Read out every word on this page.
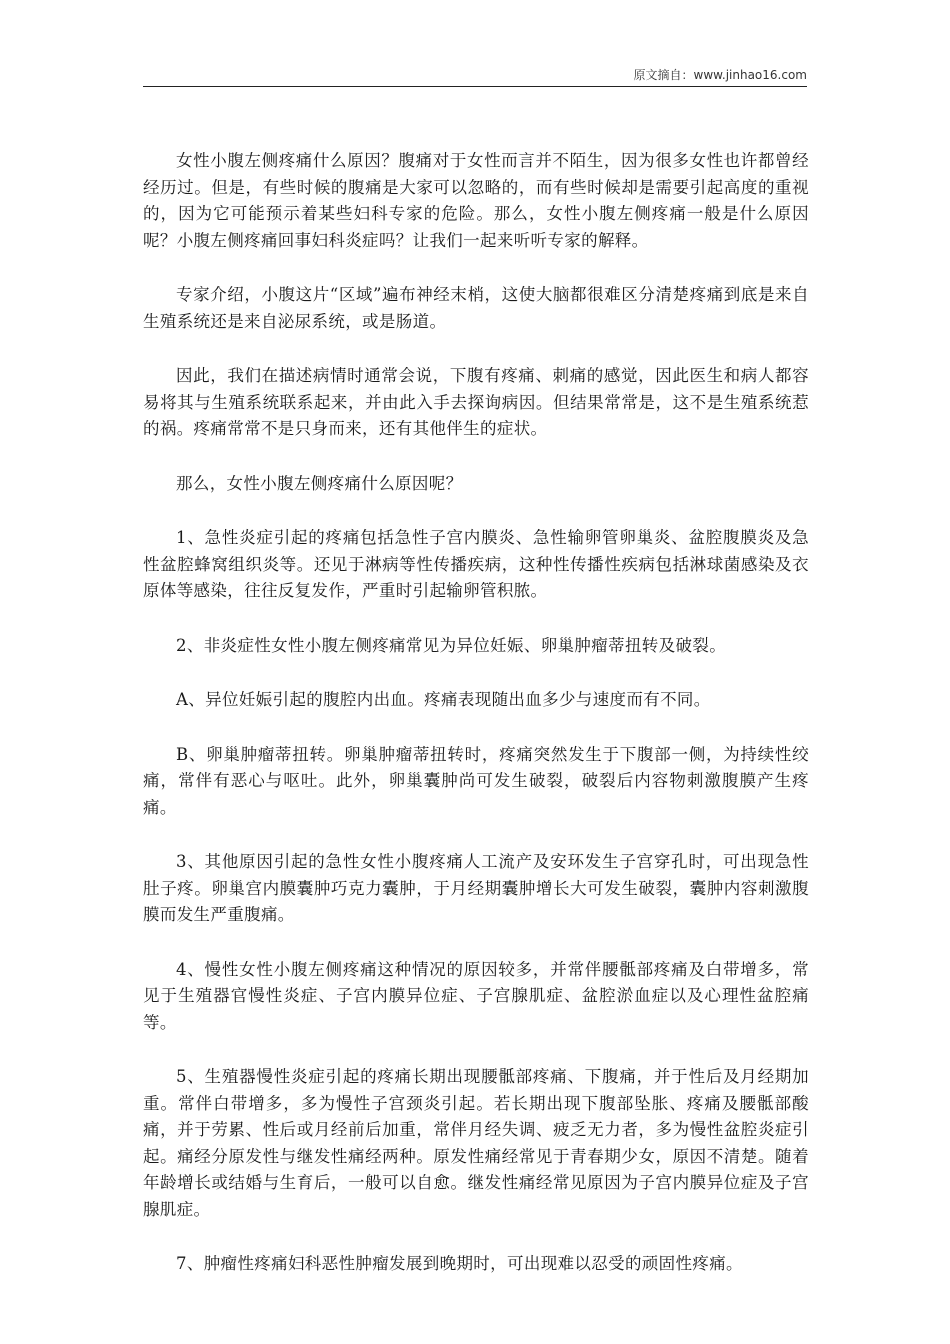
原文摘自：www.jinhao16.com

女性小腹左侧疼痛什么原因？腹痛对于女性而言并不陌生，因为很多女性也许都曾经经历过。但是，有些时候的腹痛是大家可以忽略的，而有些时候却是需要引起高度的重视的，因为它可能预示着某些妇科专家的危险。那么，女性小腹左侧疼痛一般是什么原因呢？小腹左侧疼痛回事妇科炎症吗？让我们一起来听听专家的解释。

专家介绍，小腹这片“区域”遍布神经末梢，这使大脑都很难区分清楚疼痛到底是来自生殖系统还是来自泌尿系统，或是肠道。

因此，我们在描述病情时通常会说，下腹有疼痛、刺痛的感觉，因此医生和病人都容易将其与生殖系统联系起来，并由此入手去探询病因。但结果常常是，这不是生殖系统惹的祸。疼痛常常不是只身而来，还有其他伴生的症状。

那么，女性小腹左侧疼痛什么原因呢？

1、急性炎症引起的疼痛包括急性子宫内膜炎、急性输卵管卵巢炎、盆腔腹膜炎及急性盆腔蜂窝组织炎等。还见于淋病等性传播疾病，这种性传播性疾病包括淋球菌感染及衣原体等感染，往往反复发作，严重时引起输卵管积脓。

2、非炎症性女性小腹左侧疼痛常见为异位妊娠、卵巢肿瘤蒂扭转及破裂。

A、异位妊娠引起的腹腔内出血。疼痛表现随出血多少与速度而有不同。

B、卵巢肿瘤蒂扭转。卵巢肿瘤蒂扭转时，疼痛突然发生于下腹部一侧，为持续性绞痛，常伴有恶心与呕吐。此外，卵巢囊肿尚可发生破裂，破裂后内容物刺激腹膜产生疼痛。

3、其他原因引起的急性女性小腹疼痛人工流产及安环发生子宫穿孔时，可出现急性肚子疼。卵巢宫内膜囊肿巧克力囊肿，于月经期囊肿增长大可发生破裂，囊肿内容刺激腹膜而发生严重腹痛。

4、慢性女性小腹左侧疼痛这种情况的原因较多，并常伴腰骶部疼痛及白带增多，常见于生殖器官慢性炎症、子宫内膜异位症、子宫腺肌症、盆腔淤血症以及心理性盆腔痛等。

5、生殖器慢性炎症引起的疼痛长期出现腰骶部疼痛、下腹痛，并于性后及月经期加重。常伴白带增多，多为慢性子宫颈炎引起。若长期出现下腹部坠胀、疼痛及腰骶部酸痛，并于劳累、性后或月经前后加重，常伴月经失调、疲乏无力者，多为慢性盆腔炎症引起。痛经分原发性与继发性痛经两种。原发性痛经常见于青春期少女，原因不清楚。随着年龄增长或结婚与生育后，一般可以自愈。继发性痛经常见原因为子宫内膜异位症及子宫腺肌症。

7、肿瘤性疼痛妇科恶性肿瘤发展到晚期时，可出现难以忍受的顽固性疼痛。
